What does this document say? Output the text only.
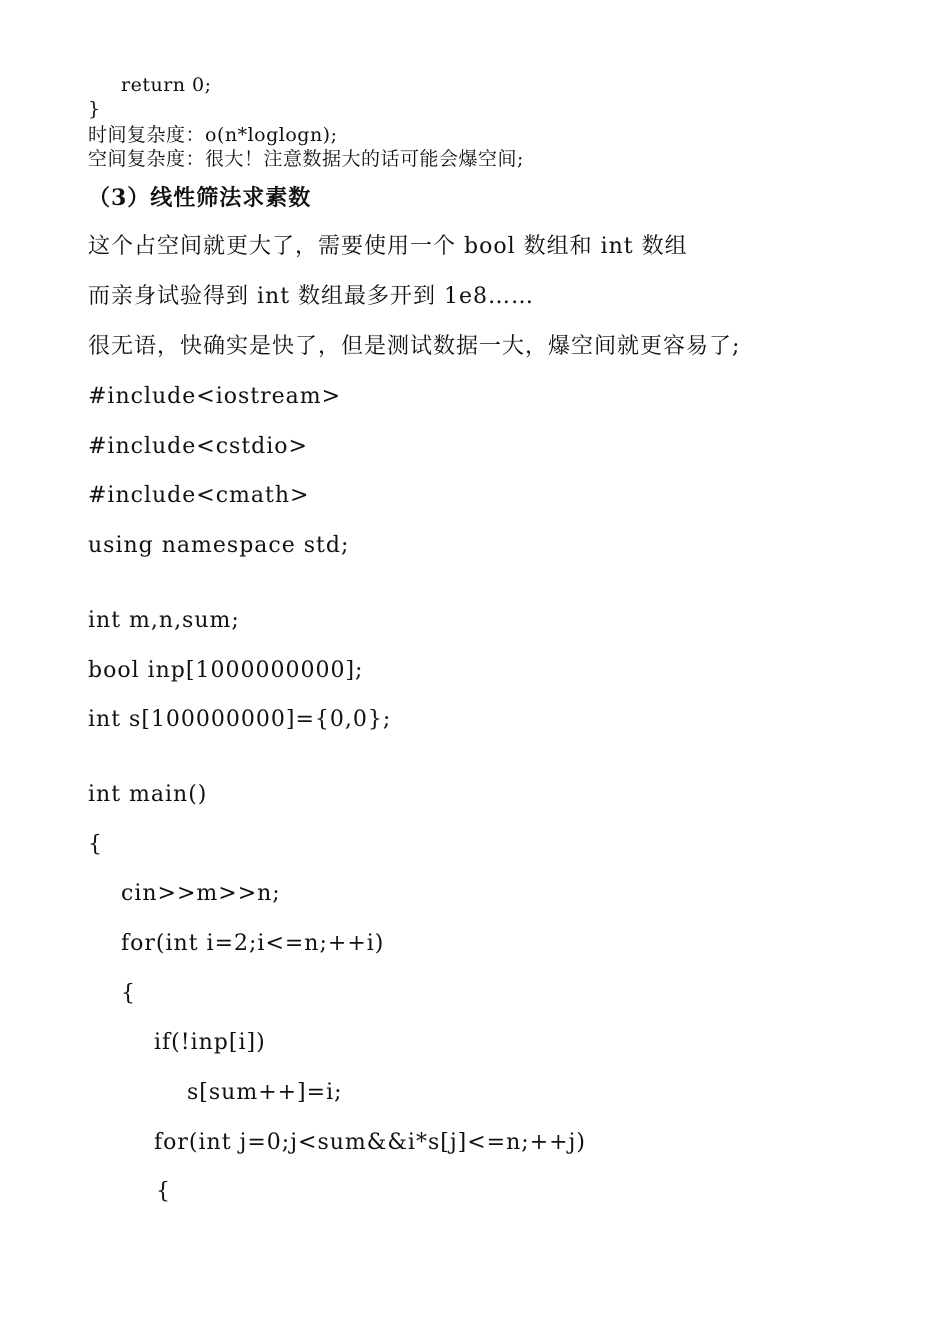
return 0;
}
时间复杂度：o(n*loglogn);
空间复杂度：很大！注意数据大的话可能会爆空间;
（3）线性筛法求素数
这个占空间就更大了，需要使用一个 bool 数组和 int 数组
而亲身试验得到 int 数组最多开到 1e8……
很无语，快确实是快了，但是测试数据一大，爆空间就更容易了;
#include<iostream>
#include<cstdio>
#include<cmath>
using namespace std;
int m,n,sum;
bool inp[1000000000];
int s[100000000]={0,0};
int main()
{
cin>>m>>n;
for(int i=2;i<=n;++i)
{
if(!inp[i])
s[sum++]=i;
for(int j=0;j<sum&&i*s[j]<=n;++j)
{
